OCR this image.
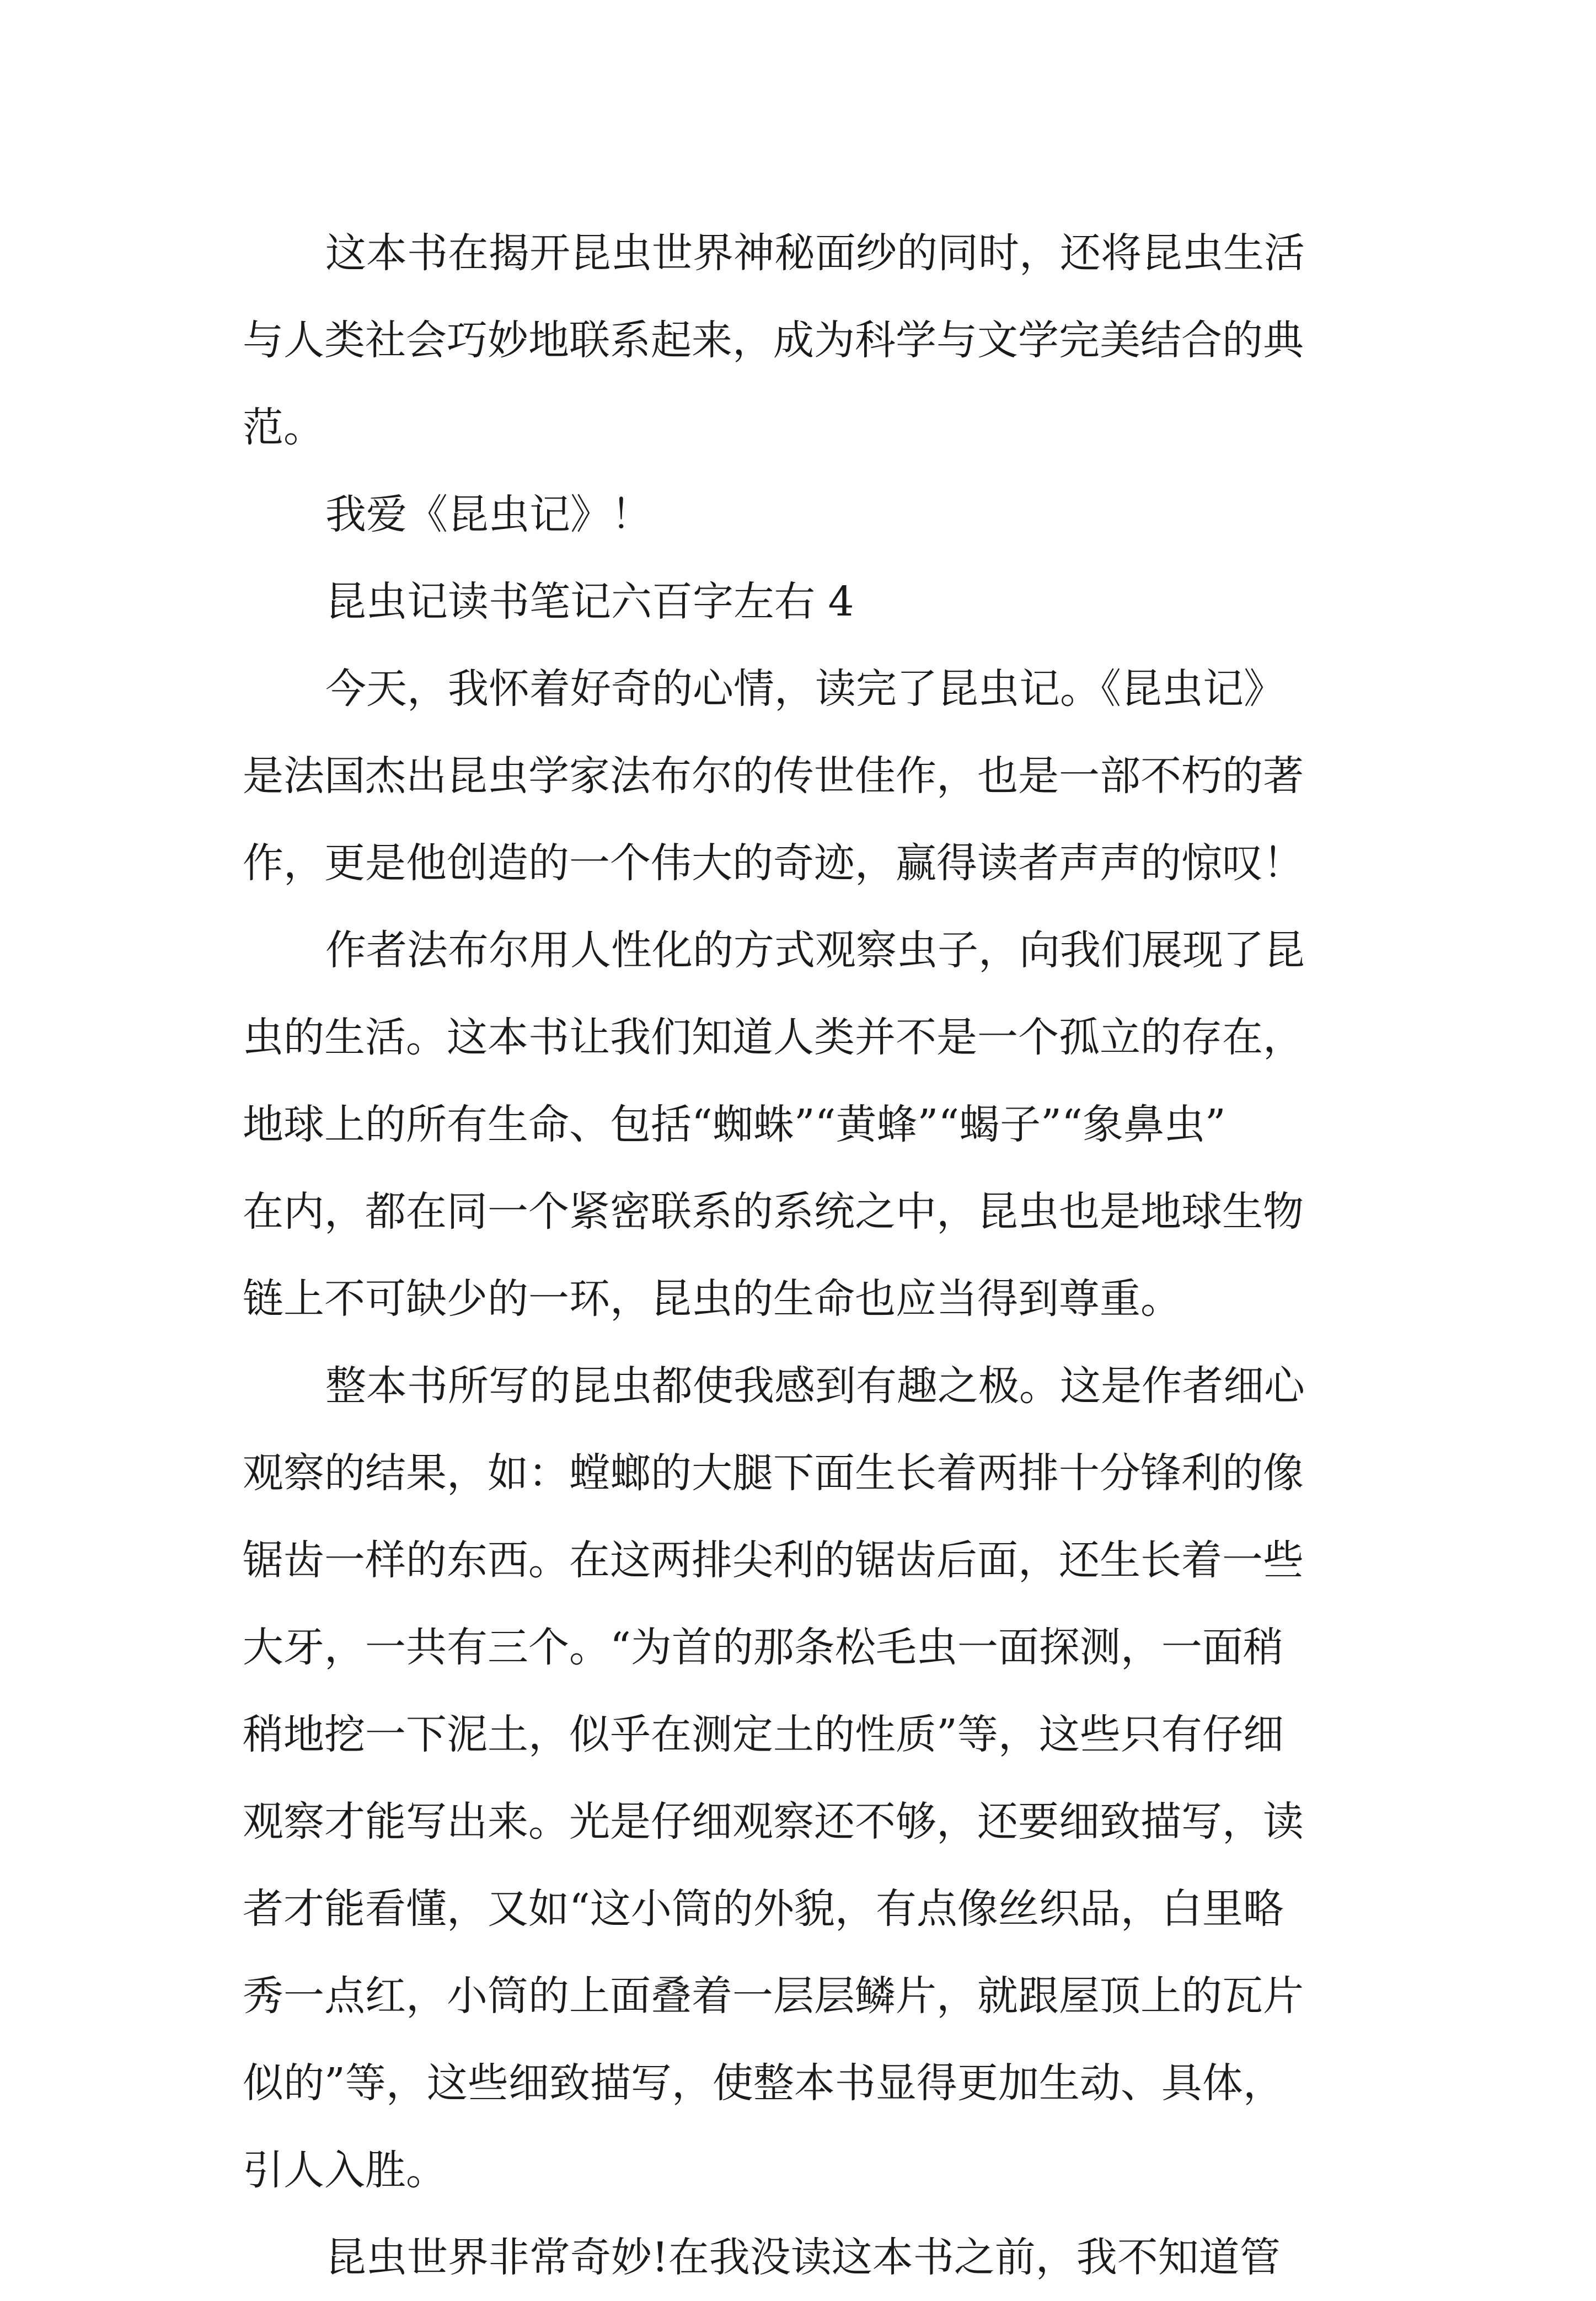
这本书在揭开昆虫世界神秘面纱的同时，还将昆虫生活
与人类社会巧妙地联系起来，成为科学与文学完美结合的典
范。
我爱《昆虫记》！
昆虫记读书笔记六百字左右 4
今天，我怀着好奇的心情，读完了昆虫记。《昆虫记》
是法国杰出昆虫学家法布尔的传世佳作，也是一部不朽的著
作，更是他创造的一个伟大的奇迹，赢得读者声声的惊叹！
作者法布尔用人性化的方式观察虫子，向我们展现了昆
虫的生活。这本书让我们知道人类并不是一个孤立的存在，
地球上的所有生命、包括“蜘蛛”“黄蜂”“蝎子”“象鼻虫”
在内，都在同一个紧密联系的系统之中，昆虫也是地球生物
链上不可缺少的一环，昆虫的生命也应当得到尊重。
整本书所写的昆虫都使我感到有趣之极。这是作者细心
观察的结果，如：螳螂的大腿下面生长着两排十分锋利的像
锯齿一样的东西。在这两排尖利的锯齿后面，还生长着一些
大牙，一共有三个。“为首的那条松毛虫一面探测，一面稍
稍地挖一下泥土，似乎在测定土的性质”等，这些只有仔细
观察才能写出来。光是仔细观察还不够，还要细致描写，读
者才能看懂，又如“这小筒的外貌，有点像丝织品，白里略
秀一点红，小筒的上面叠着一层层鳞片，就跟屋顶上的瓦片
似的”等，这些细致描写，使整本书显得更加生动、具体，
引人入胜。
昆虫世界非常奇妙!在我没读这本书之前，我不知道管
